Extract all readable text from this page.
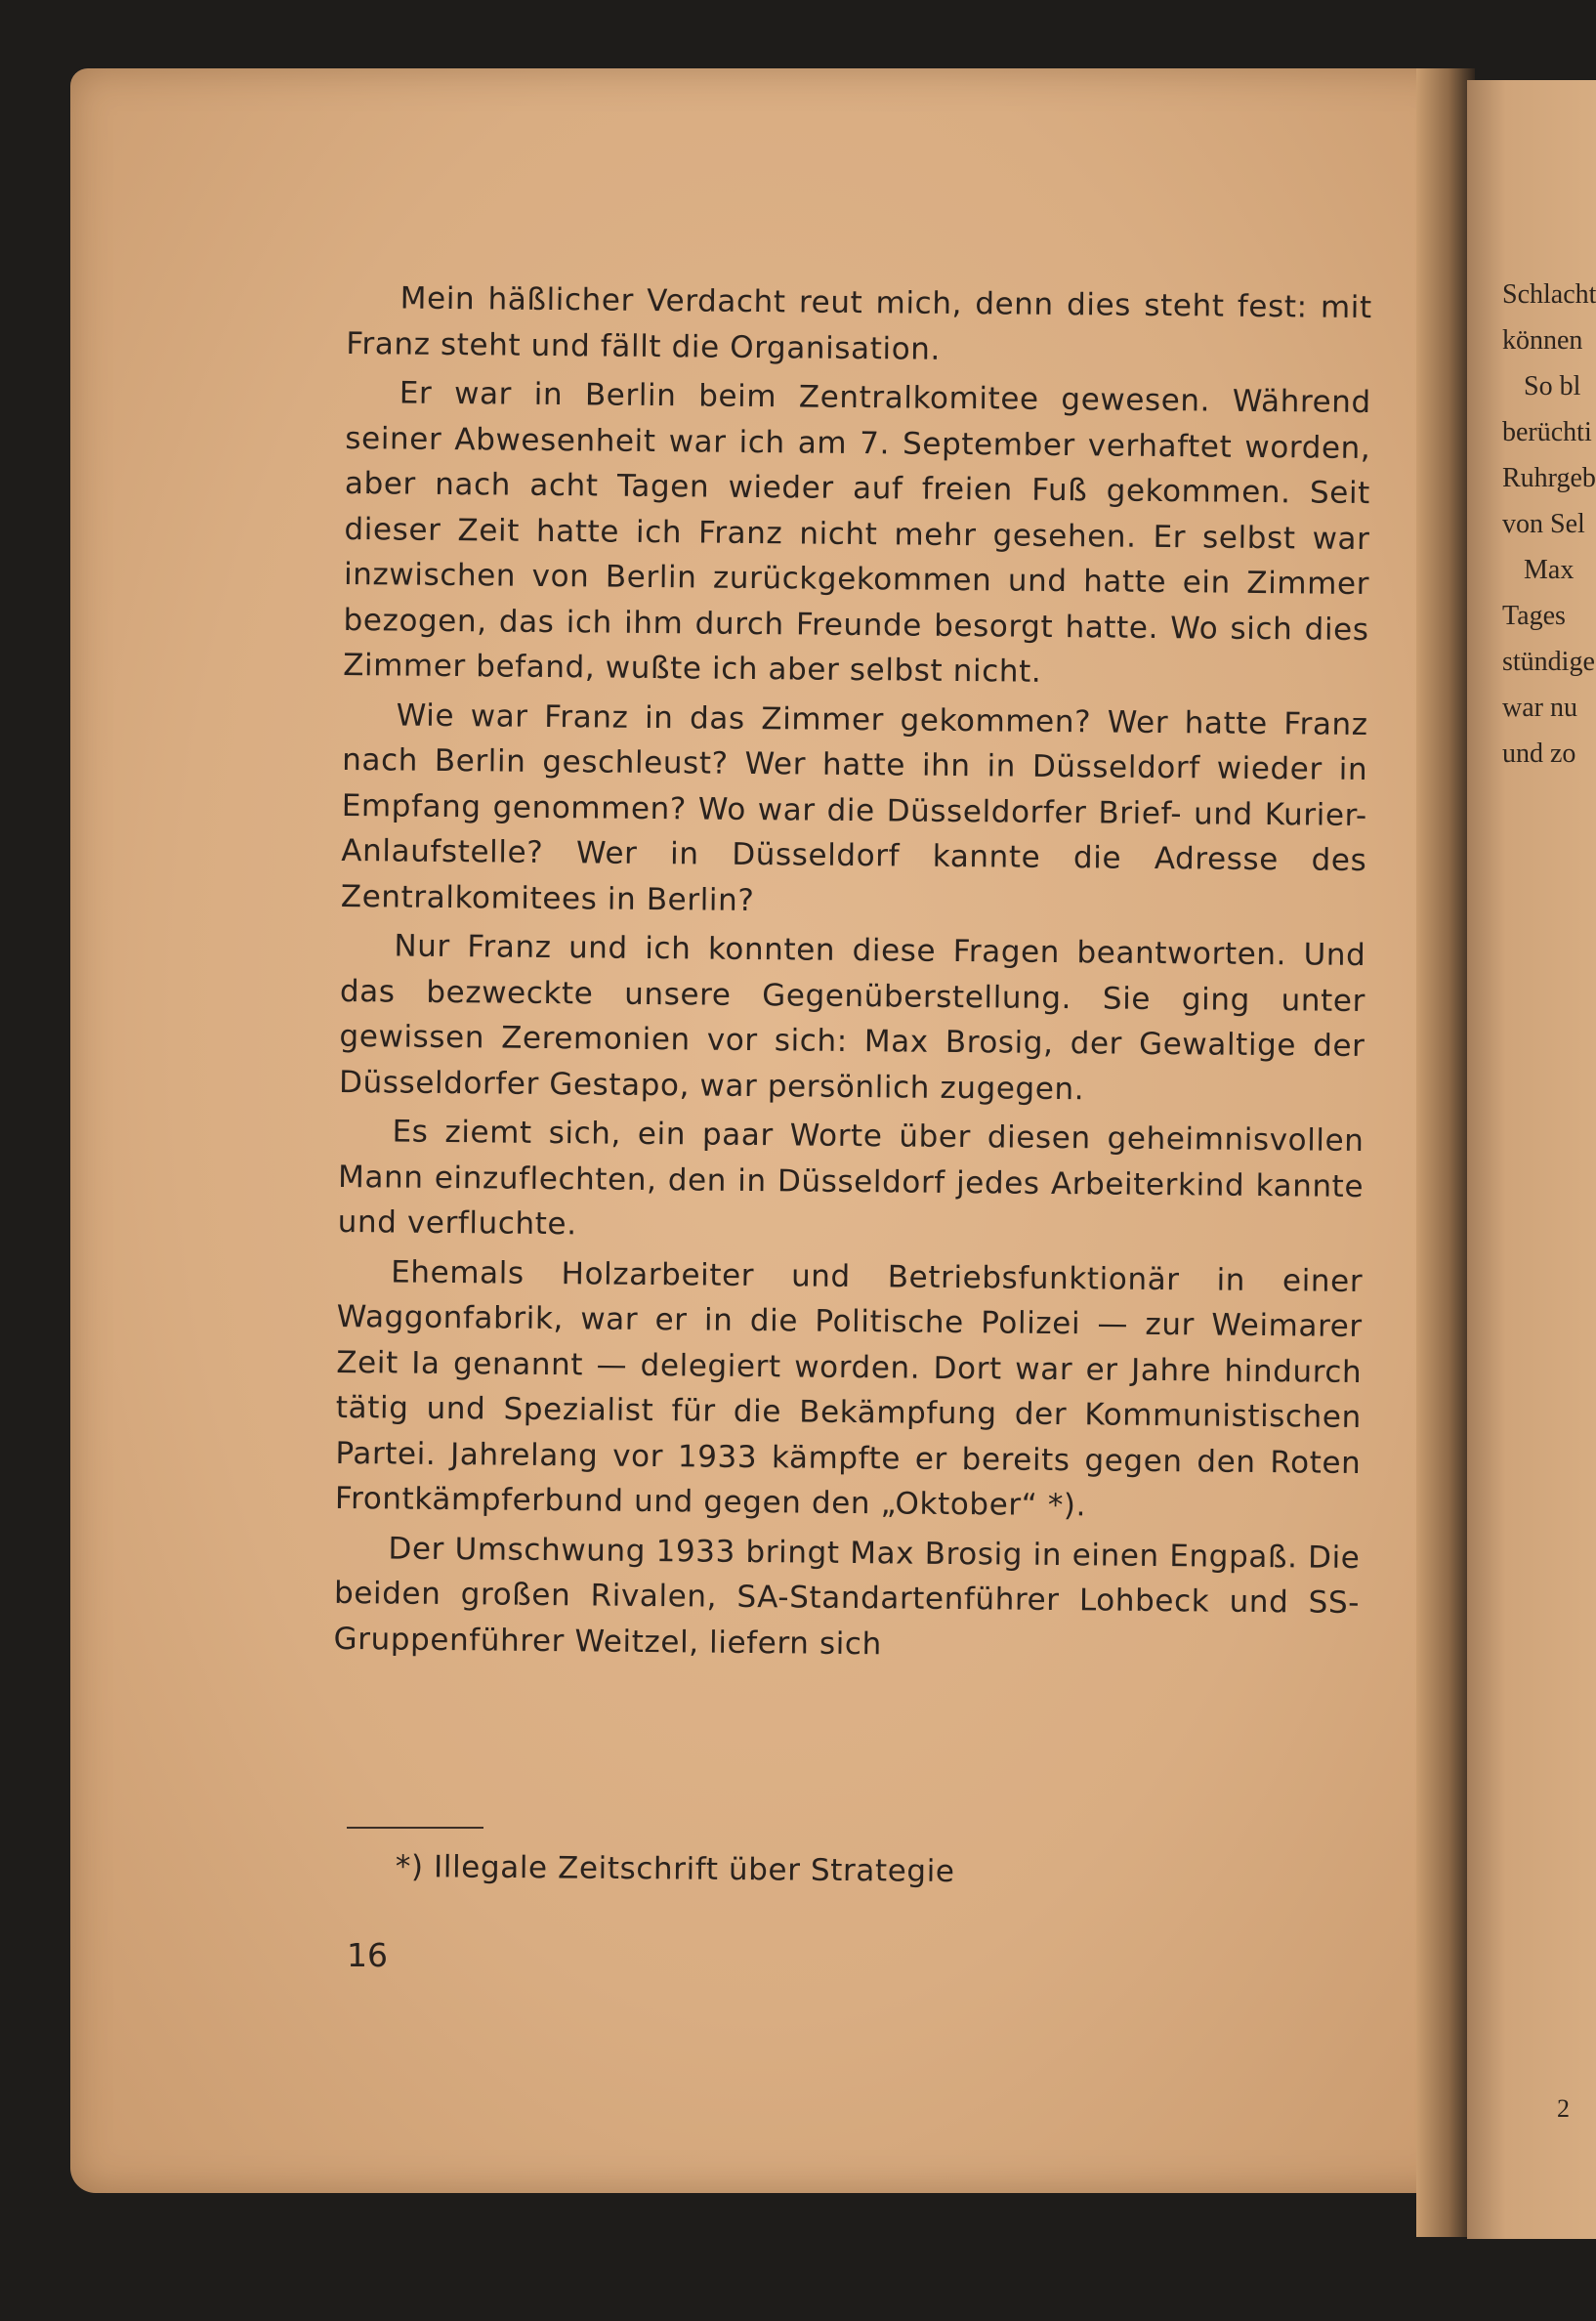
Schlacht
können
So bl
berüchti
Ruhrgeb
von Sel
Max
Tages
stündige
war nu
und zo
2

Mein häßlicher Verdacht reut mich, denn dies steht fest: mit Franz steht und fällt die Organisation.

Er war in Berlin beim Zentralkomitee gewesen. Während seiner Abwesenheit war ich am 7. September verhaftet worden, aber nach acht Tagen wieder auf freien Fuß gekommen. Seit dieser Zeit hatte ich Franz nicht mehr gesehen. Er selbst war inzwischen von Berlin zurückgekommen und hatte ein Zimmer bezogen, das ich ihm durch Freunde besorgt hatte. Wo sich dies Zimmer befand, wußte ich aber selbst nicht.

Wie war Franz in das Zimmer gekommen? Wer hatte Franz nach Berlin geschleust? Wer hatte ihn in Düsseldorf wieder in Empfang genommen? Wo war die Düsseldorfer Brief- und Kurier-Anlaufstelle? Wer in Düsseldorf kannte die Adresse des Zentralkomitees in Berlin?

Nur Franz und ich konnten diese Fragen beantworten. Und das bezweckte unsere Gegenüberstellung. Sie ging unter gewissen Zeremonien vor sich: Max Brosig, der Gewaltige der Düsseldorfer Gestapo, war persönlich zugegen.

Es ziemt sich, ein paar Worte über diesen geheimnisvollen Mann einzuflechten, den in Düsseldorf jedes Arbeiterkind kannte und verfluchte.

Ehemals Holzarbeiter und Betriebsfunktionär in einer Waggonfabrik, war er in die Politische Polizei — zur Weimarer Zeit Ia genannt — delegiert worden. Dort war er Jahre hindurch tätig und Spezialist für die Bekämpfung der Kommunistischen Partei. Jahrelang vor 1933 kämpfte er bereits gegen den Roten Frontkämpferbund und gegen den „Oktober“ *).

Der Umschwung 1933 bringt Max Brosig in einen Engpaß. Die beiden großen Rivalen, SA-Standartenführer Lohbeck und SS-Gruppenführer Weitzel, liefern sich

*) Illegale Zeitschrift über Strategie
16
